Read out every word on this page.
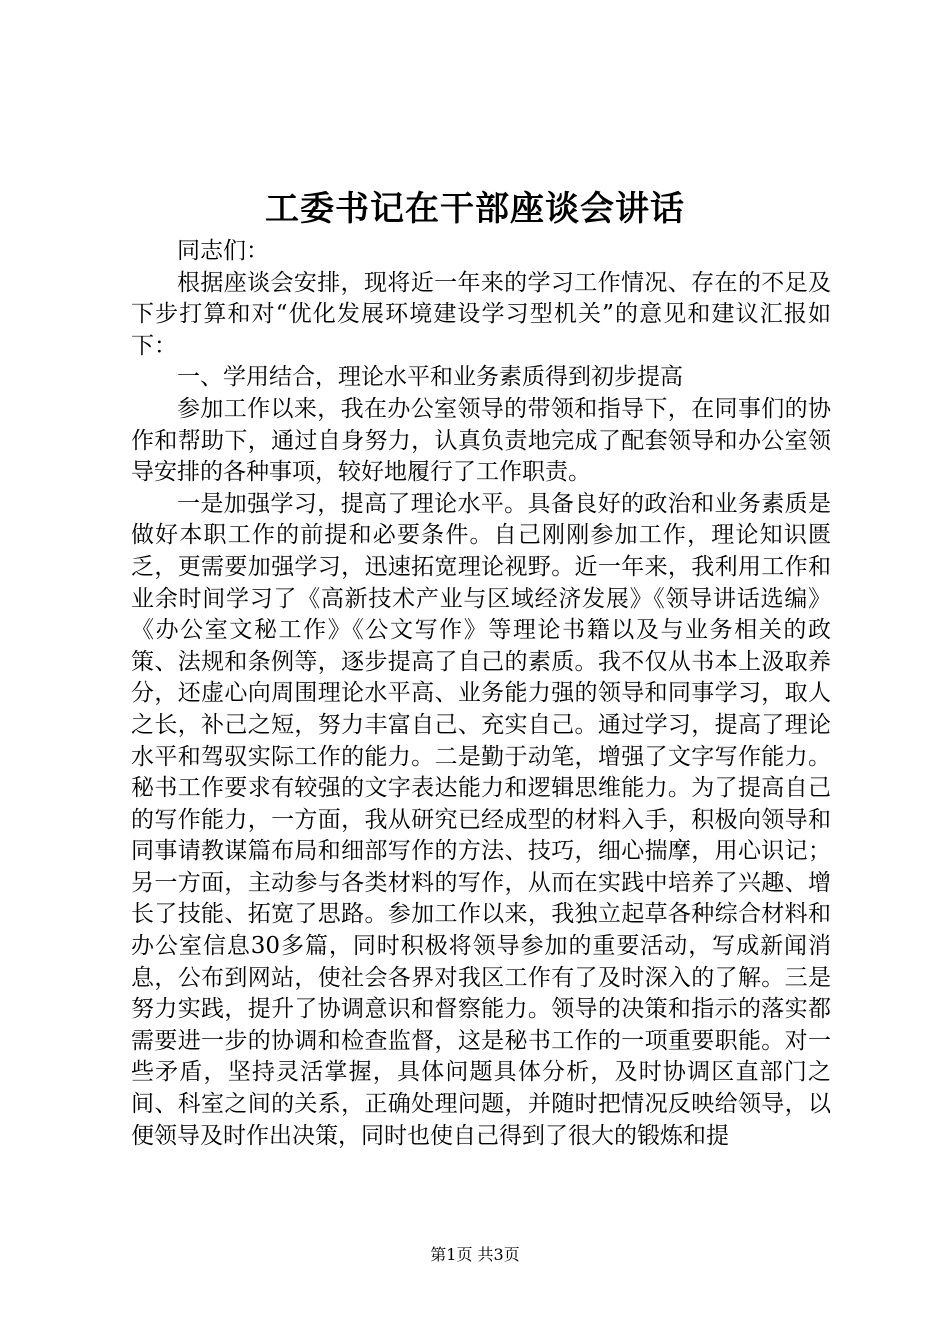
工委书记在干部座谈会讲话

同志们：

根据座谈会安排，现将近一年来的学习工作情况、存在的不足及下步打算和对“优化发展环境建设学习型机关”的意见和建议汇报如下：

一、学用结合，理论水平和业务素质得到初步提高

参加工作以来，我在办公室领导的带领和指导下，在同事们的协作和帮助下，通过自身努力，认真负责地完成了配套领导和办公室领导安排的各种事项，较好地履行了工作职责。

一是加强学习，提高了理论水平。具备良好的政治和业务素质是做好本职工作的前提和必要条件。自己刚刚参加工作，理论知识匮乏，更需要加强学习，迅速拓宽理论视野。近一年来，我利用工作和业余时间学习了《高新技术产业与区域经济发展》《领导讲话选编》《办公室文秘工作》《公文写作》等理论书籍以及与业务相关的政策、法规和条例等，逐步提高了自己的素质。我不仅从书本上汲取养分，还虚心向周围理论水平高、业务能力强的领导和同事学习，取人之长，补己之短，努力丰富自己、充实自己。通过学习，提高了理论水平和驾驭实际工作的能力。二是勤于动笔，增强了文字写作能力。秘书工作要求有较强的文字表达能力和逻辑思维能力。为了提高自己的写作能力，一方面，我从研究已经成型的材料入手，积极向领导和同事请教谋篇布局和细部写作的方法、技巧，细心揣摩，用心识记；另一方面，主动参与各类材料的写作，从而在实践中培养了兴趣、增长了技能、拓宽了思路。参加工作以来，我独立起草各种综合材料和办公室信息30多篇，同时积极将领导参加的重要活动，写成新闻消息，公布到网站，使社会各界对我区工作有了及时深入的了解。三是努力实践，提升了协调意识和督察能力。领导的决策和指示的落实都需要进一步的协调和检查监督，这是秘书工作的一项重要职能。对一些矛盾，坚持灵活掌握，具体问题具体分析，及时协调区直部门之间、科室之间的关系，正确处理问题，并随时把情况反映给领导，以便领导及时作出决策，同时也使自己得到了很大的锻炼和提

第1页 共3页
